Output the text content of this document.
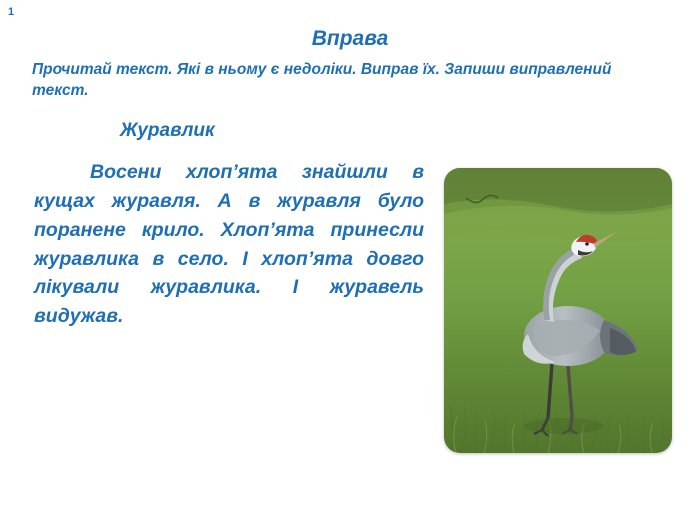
1
Вправа
Прочитай текст. Які в ньому є недоліки. Виправ їх. Запиши виправлений текст.
Журавлик
Восени хлоп’ята знайшли в кущах журавля. А в журавля було поранене крило. Хлоп’ята принесли журавлика в село. І хлоп’ята довго лікували журавлика. І журавель видужав.
